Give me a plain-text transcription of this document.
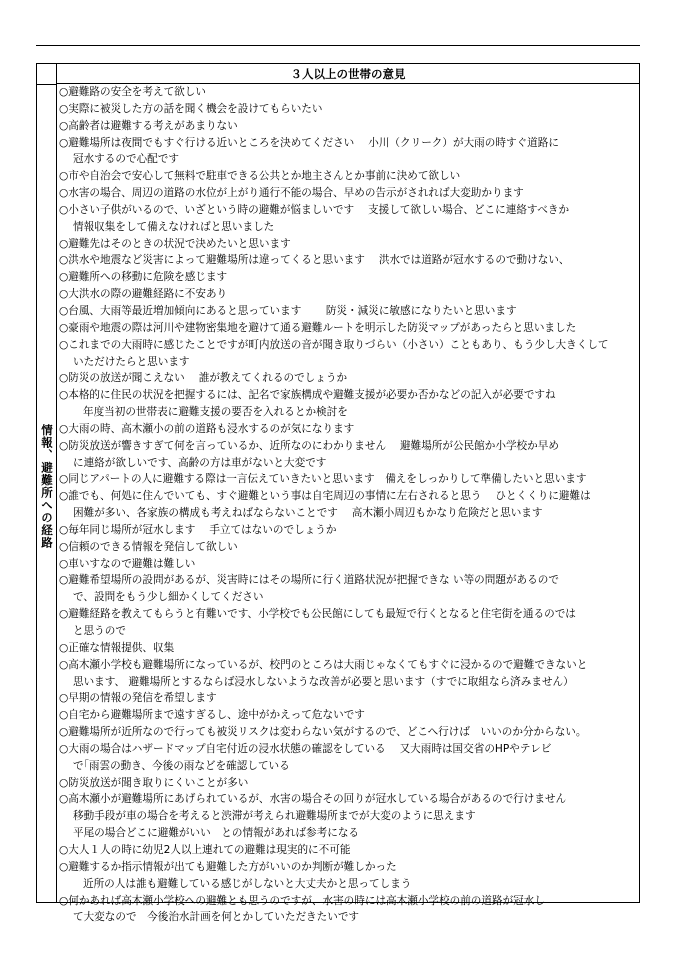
３人以上の世帯の意見
情報、避難所への経路
○避難路の安全を考えて欲しい
○実際に被災した方の話を聞く機会を設けてもらいたい
○高齢者は避難する考えがあまりない
○避難場所は夜間でもすぐ行ける近いところを決めてください　 小川（クリーク）が大雨の時すぐ道路に
冠水するので心配です
○市や自治会で安心して無料で駐車できる公共とか地主さんとか事前に決めて欲しい
○水害の場合、周辺の道路の水位が上がり通行不能の場合、早めの告示がされれば大変助かります
○小さい子供がいるので、いざという時の避難が悩ましいです　 支援して欲しい場合、どこに連絡すべきか
情報収集をして備えなければと思いました
○避難先はそのときの状況で決めたいと思います
○洪水や地震など災害によって避難場所は違ってくると思います　 洪水では道路が冠水するので動けない、
○避難所への移動に危険を感じます
○大洪水の際の避難経路に不安あり
○台風、大雨等最近増加傾向にあると思っています　　 防災・減災に敏感になりたいと思います
○豪雨や地震の際は河川や建物密集地を避けて通る避難ルートを明示した防災マップがあったらと思いました
○これまでの大雨時に感じたことですが町内放送の音が聞き取りづらい（小さい）こともあり、もう少し大きくして
いただけたらと思います
○防災の放送が聞こえない　 誰が教えてくれるのでしょうか
○本格的に住民の状況を把握するには、記名で家族構成や避難支援が必要か否かなどの記入が必要ですね
年度当初の世帯表に避難支援の要否を入れるとか検討を
○大雨の時、高木瀬小の前の道路も浸水するのが気になります
○防災放送が響きすぎて何を言っているか、近所なのにわかりません　 避難場所が公民館か小学校か早め
に連絡が欲しいです、高齢の方は車がないと大変です
○同じアパートの人に避難する際は一言伝えていきたいと思います　備えをしっかりして準備したいと思います
○誰でも、何処に住んでいても、すぐ避難という事は自宅周辺の事情に左右されると思う　 ひとくくりに避難は
困難が多い、各家族の構成も考えねばならないことです　 高木瀬小周辺もかなり危険だと思います
○毎年同じ場所が冠水します　 手立てはないのでしょうか
○信頼のできる情報を発信して欲しい
○車いすなので避難は難しい
○避難希望場所の設問があるが、災害時にはその場所に行く道路状況が把握できな い等の問題があるので
で、設問をもう少し細かくしてください
○避難経路を教えてもらうと有難いです、小学校でも公民館にしても最短で行くとなると住宅街を通るのでは
と思うので
○正確な情報提供、収集
○高木瀬小学校も避難場所になっているが、校門のところは大雨じゃなくてもすぐに浸かるので避難できないと
思います、 避難場所とするならば浸水しないような改善が必要と思います（すでに取組なら済みません）
○早期の情報の発信を希望します
○自宅から避難場所まで遠すぎるし、途中がかえって危ないです
○避難場所が近所なので行っても被災リスクは変わらない気がするので、どこへ行けば　いいのか分からない。
○大雨の場合はハザードマップ自宅付近の浸水状態の確認をしている　 又大雨時は国交省のHPやテレビ
で｢雨雲の動き、今後の雨などを確認している
○防災放送が聞き取りにくいことが多い
○高木瀬小が避難場所にあげられているが、水害の場合その回りが冠水している場合があるので行けません
移動手段が車の場合を考えると渋滞が考えられ避難場所までが大変のように思えます
平尾の場合どこに避難がいい　との情報があれば参考になる
○大人１人の時に幼児2人以上連れての避難は現実的に不可能
○避難するか指示情報が出ても避難した方がいいのか判断が難しかった
近所の人は誰も避難している感じがしないと大丈夫かと思ってしまう
○何かあれば高木瀬小学校への避難とも思うのですが、水害の時には高木瀬小学校の前の道路が冠水し
て大変なので　今後治水計画を何とかしていただきたいです
